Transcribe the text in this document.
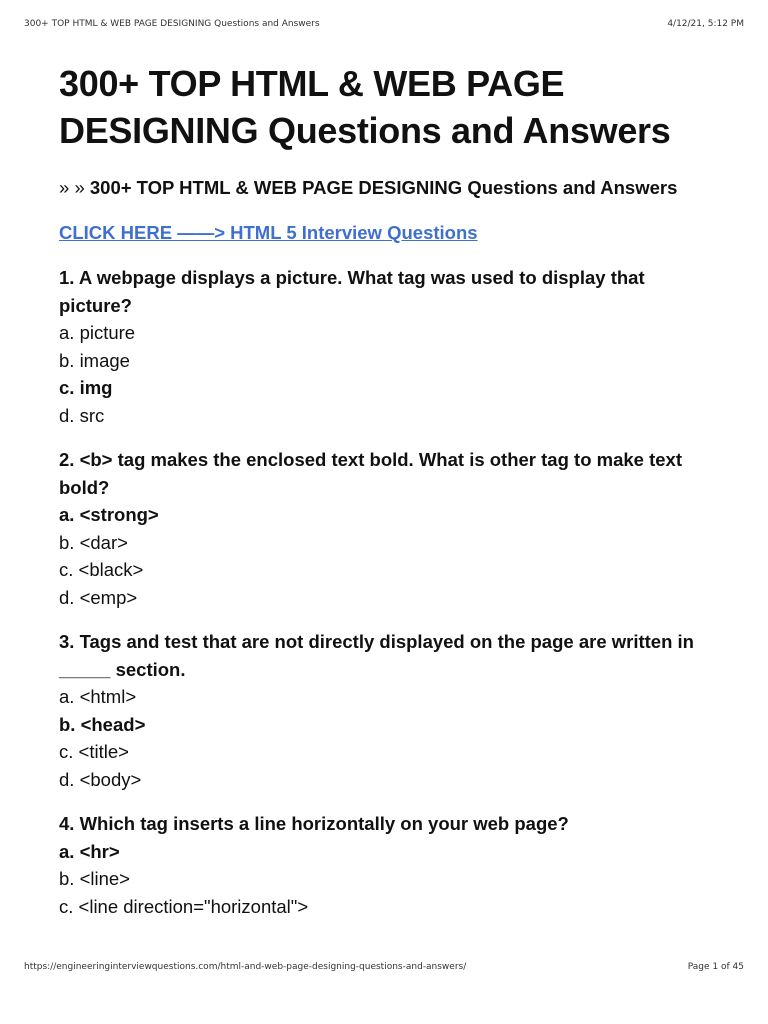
300+ TOP HTML & WEB PAGE DESIGNING Questions and Answers	4/12/21, 5:12 PM
300+ TOP HTML & WEB PAGE DESIGNING Questions and Answers
» » 300+ TOP HTML & WEB PAGE DESIGNING Questions and Answers
CLICK HERE ——> HTML 5 Interview Questions
1. A webpage displays a picture. What tag was used to display that picture?
a. picture
b. image
c. img
d. src
2. <b> tag makes the enclosed text bold. What is other tag to make text bold?
a. <strong>
b. <dar>
c. <black>
d. <emp>
3. Tags and test that are not directly displayed on the page are written in _____ section.
a. <html>
b. <head>
c. <title>
d. <body>
4. Which tag inserts a line horizontally on your web page?
a. <hr>
b. <line>
c. <line direction="horizontal">
https://engineeringinterviewquestions.com/html-and-web-page-designing-questions-and-answers/	Page 1 of 45
